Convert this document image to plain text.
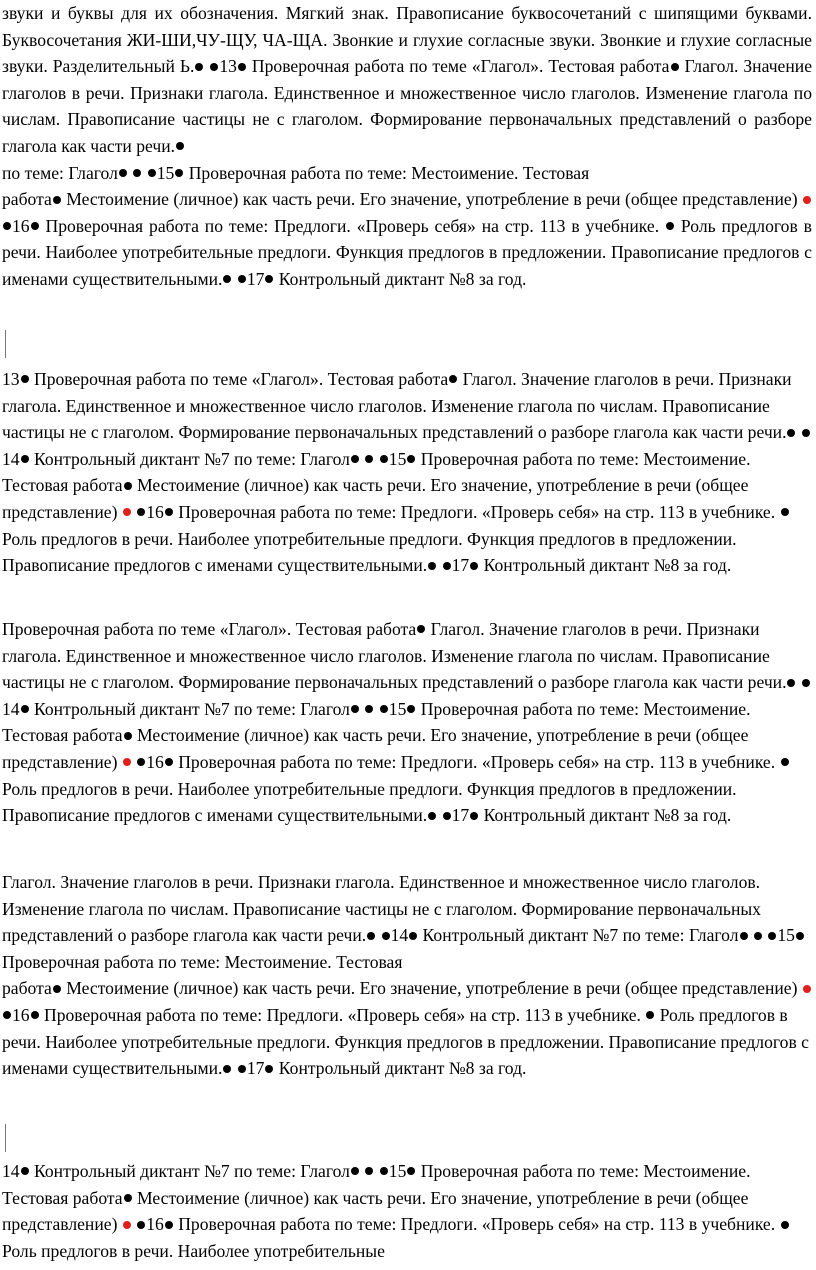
звуки и буквы для их обозначения. Мягкий знак. Правописание буквосочетаний с шипящими буквами. Буквосочетания ЖИ-ШИ,ЧУ-ЩУ, ЧА-ЩА. Звонкие и глухие согласные звуки. Звонкие и глухие согласные звуки. Разделительный Ь. 13 Проверочная работа по теме «Глагол». Тестовая работа Глагол. Значение глаголов в речи. Признаки глагола. Единственное и множественное число глаголов. Изменение глагола по числам. Правописание частицы не с глаголом. Формирование первоначальных представлений о разборе глагола как части речи.
по теме: Глагол 15 Проверочная работа по теме: Местоимение. Тестовая
работа Местоимение (личное) как часть речи. Его значение, употребление в речи (общее представление)  16 Проверочная работа по теме: Предлоги. «Проверь себя» на стр. 113 в учебнике.  Роль предлогов в речи. Наиболее употребительные предлоги. Функция предлогов в предложении. Правописание предлогов с именами существительными. 17 Контрольный диктант №8 за год.
13 Проверочная работа по теме «Глагол». Тестовая работа Глагол. Значение глаголов в речи. Признаки глагола. Единственное и множественное число глаголов. Изменение глагола по числам. Правописание частицы не с глаголом. Формирование первоначальных представлений о разборе глагола как части речи. 14 Контрольный диктант №7 по теме: Глагол 15 Проверочная работа по теме: Местоимение. Тестовая работа Местоимение (личное) как часть речи. Его значение, употребление в речи (общее представление)  16 Проверочная работа по теме: Предлоги. «Проверь себя» на стр. 113 в учебнике.  Роль предлогов в речи. Наиболее употребительные предлоги. Функция предлогов в предложении. Правописание предлогов с именами существительными. 17 Контрольный диктант №8 за год.
Проверочная работа по теме «Глагол». Тестовая работа Глагол. Значение глаголов в речи. Признаки глагола. Единственное и множественное число глаголов. Изменение глагола по числам. Правописание частицы не с глаголом. Формирование первоначальных представлений о разборе глагола как части речи. 14 Контрольный диктант №7 по теме: Глагол 15 Проверочная работа по теме: Местоимение. Тестовая работа Местоимение (личное) как часть речи. Его значение, употребление в речи (общее представление)  16 Проверочная работа по теме: Предлоги. «Проверь себя» на стр. 113 в учебнике.  Роль предлогов в речи. Наиболее употребительные предлоги. Функция предлогов в предложении. Правописание предлогов с именами существительными. 17 Контрольный диктант №8 за год.
Глагол. Значение глаголов в речи. Признаки глагола. Единственное и множественное число глаголов. Изменение глагола по числам. Правописание частицы не с глаголом. Формирование первоначальных представлений о разборе глагола как части речи. 14 Контрольный диктант №7 по теме: Глагол 15 Проверочная работа по теме: Местоимение. Тестовая
работа Местоимение (личное) как часть речи. Его значение, употребление в речи (общее представление)  16 Проверочная работа по теме: Предлоги. «Проверь себя» на стр. 113 в учебнике.  Роль предлогов в речи. Наиболее употребительные предлоги. Функция предлогов в предложении. Правописание предлогов с именами существительными. 17 Контрольный диктант №8 за год.
14 Контрольный диктант №7 по теме: Глагол 15 Проверочная работа по теме: Местоимение. Тестовая работа Местоимение (личное) как часть речи. Его значение, употребление в речи (общее представление)  16 Проверочная работа по теме: Предлоги. «Проверь себя» на стр. 113 в учебнике.  Роль предлогов в речи. Наиболее употребительные
